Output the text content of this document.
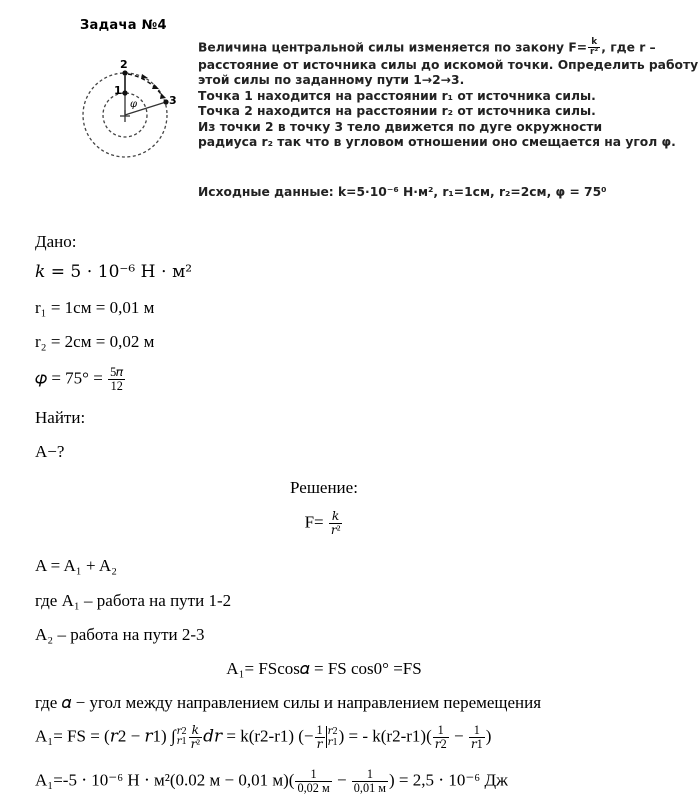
Задача №4
1
2
3
φ
Величина центральной силы изменяется по закону $F= \frac{k}{\text{r²}}$ , где r –
расстояние от источника силы до искомой точки. Определить работу
этой силы по заданному пути 1→2→3.
Точка 1 находится на расстоянии r₁ от источника силы.
Точка 2 находится на расстоянии r₂ от источника силы.
Из точки 2 в точку 3 тело движется по дуге окружности
радиуса r₂ так что в угловом отношении оно смещается на угол φ.
Исходные данные: k=5·10⁻⁶ Н·м², r₁=1см, r₂=2см, φ = 75⁰
Дано:
𝑘 = 5 ⋅ 10⁻⁶ Н ⋅ м²
r₁ = 1см = 0,01 м
r₂ = 2см = 0,02 м
𝜑 = $75^\circ = \frac{\text{5𝜋}}{12}$
Найти:
A−?
Решение:
$F= \frac{\text{𝑘}}{\text{𝑟²}}$
A = A₁ + A₂
где A₁ – работа на пути 1-2
A₂ – работа на пути 2-3
A₁= FScos𝛼 = FS cos0° =FS
где 𝛼 − угол между направлением силы и направлением перемещения
A₁= FS = (𝑟2 − 𝑟1) ∫ 𝑟2
𝑟1 $\frac{\text{𝑘}}{\text{𝑟²}}$ 𝑑𝑟 = k(r2-r1) (− $\frac{1}{\text{𝑟}}$ 𝑟2
𝑟1 ) = - $k(r2-r1)( \frac{1}{\text{𝑟2}} - \frac{1}{\text{𝑟1}}$ )
A₁=-5 ⋅ 10⁻⁶ Н ⋅ м²(0.02 м − 0,01 $м)( \frac{1}{0,02 м} - \frac{1}{0,01 м}$ ) = 2,5 ⋅ 10⁻⁶ Дж
